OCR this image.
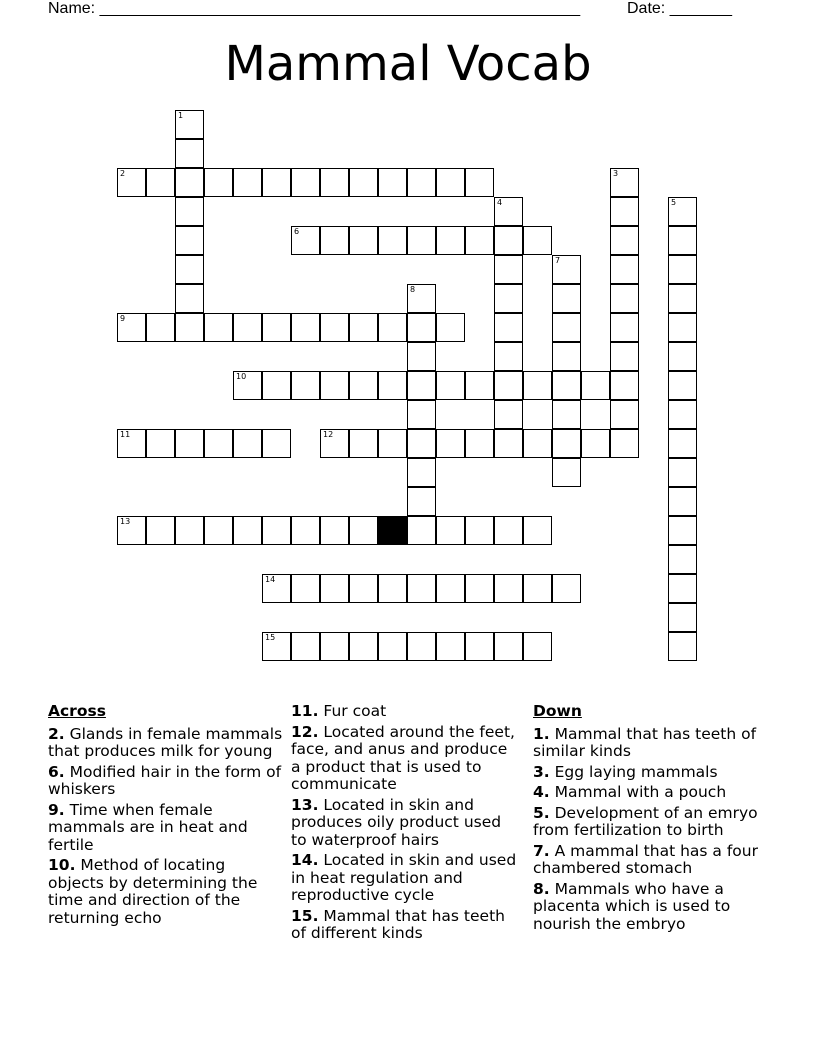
Name: ______________________________________________________	Date: _______
Mammal Vocab
1
2	3
4	5
6
7
8
9
10
11	12
13
14
15
Across
2. Glands in female mammals that produces milk for young
6. Modified hair in the form of whiskers
9. Time when female mammals are in heat and fertile
10. Method of locating objects by determining the time and direction of the returning echo
11. Fur coat
12. Located around the feet, face, and anus and produce a product that is used to communicate
13. Located in skin and produces oily product used to waterproof hairs
14. Located in skin and used in heat regulation and reproductive cycle
15. Mammal that has teeth of different kinds
Down
1. Mammal that has teeth of similar kinds
3. Egg laying mammals
4. Mammal with a pouch
5. Development of an emryo from fertilization to birth
7. A mammal that has a four chambered stomach
8. Mammals who have a placenta which is used to nourish the embryo
